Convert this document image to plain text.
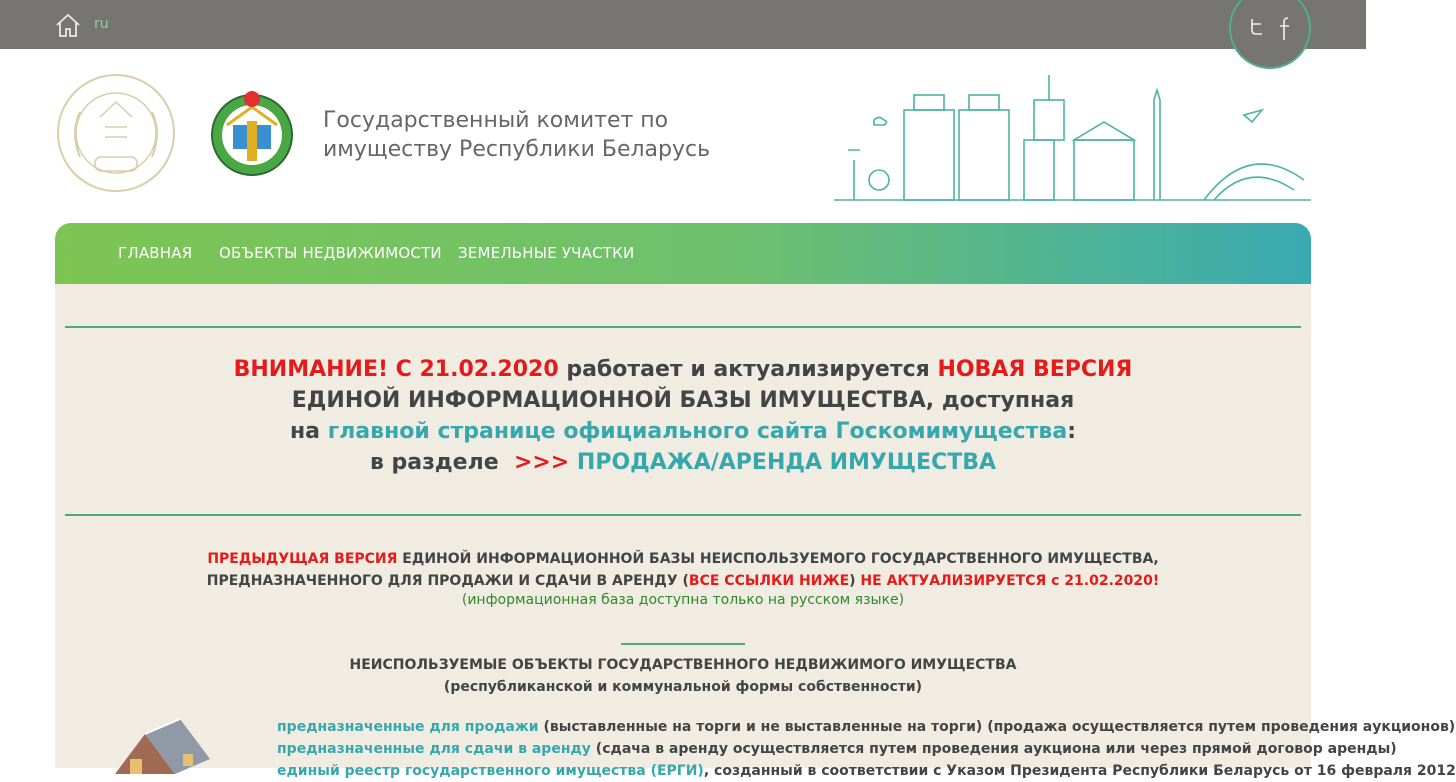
ru
Государственный комитет по
имуществу Республики Беларусь
ГЛАВНАЯ ОБЪЕКТЫ НЕДВИЖИМОСТИ ЗЕМЕЛЬНЫЕ УЧАСТКИ
ВНИМАНИЕ! С 21.02.2020 работает и актуализируется НОВАЯ ВЕРСИЯ
ЕДИНОЙ ИНФОРМАЦИОННОЙ БАЗЫ ИМУЩЕСТВА, доступная
на главной странице официального сайта Госкомимущества:
в разделе  >>> ПРОДАЖА/АРЕНДА ИМУЩЕСТВА
ПРЕДЫДУЩАЯ ВЕРСИЯ ЕДИНОЙ ИНФОРМАЦИОННОЙ БАЗЫ НЕИСПОЛЬЗУЕМОГО ГОСУДАРСТВЕННОГО ИМУЩЕСТВА,
ПРЕДНАЗНАЧЕННОГО ДЛЯ ПРОДАЖИ И СДАЧИ В АРЕНДУ (ВСЕ ССЫЛКИ НИЖЕ) НЕ АКТУАЛИЗИРУЕТСЯ с 21.02.2020!
(информационная база доступна только на русском языке)
НЕИСПОЛЬЗУЕМЫЕ ОБЪЕКТЫ ГОСУДАРСТВЕННОГО НЕДВИЖИМОГО ИМУЩЕСТВА
(республиканской и коммунальной формы собственности)
предназначенные для продажи (выставленные на торги и не выставленные на торги) (продажа осуществляется путем проведения аукционов)
предназначенные для сдачи в аренду (сдача в аренду осуществляется путем проведения аукциона или через прямой договор аренды)
единый реестр государственного имущества (ЕРГИ), созданный в соответствии с Указом Президента Республики Беларусь от 16 февраля 2012
